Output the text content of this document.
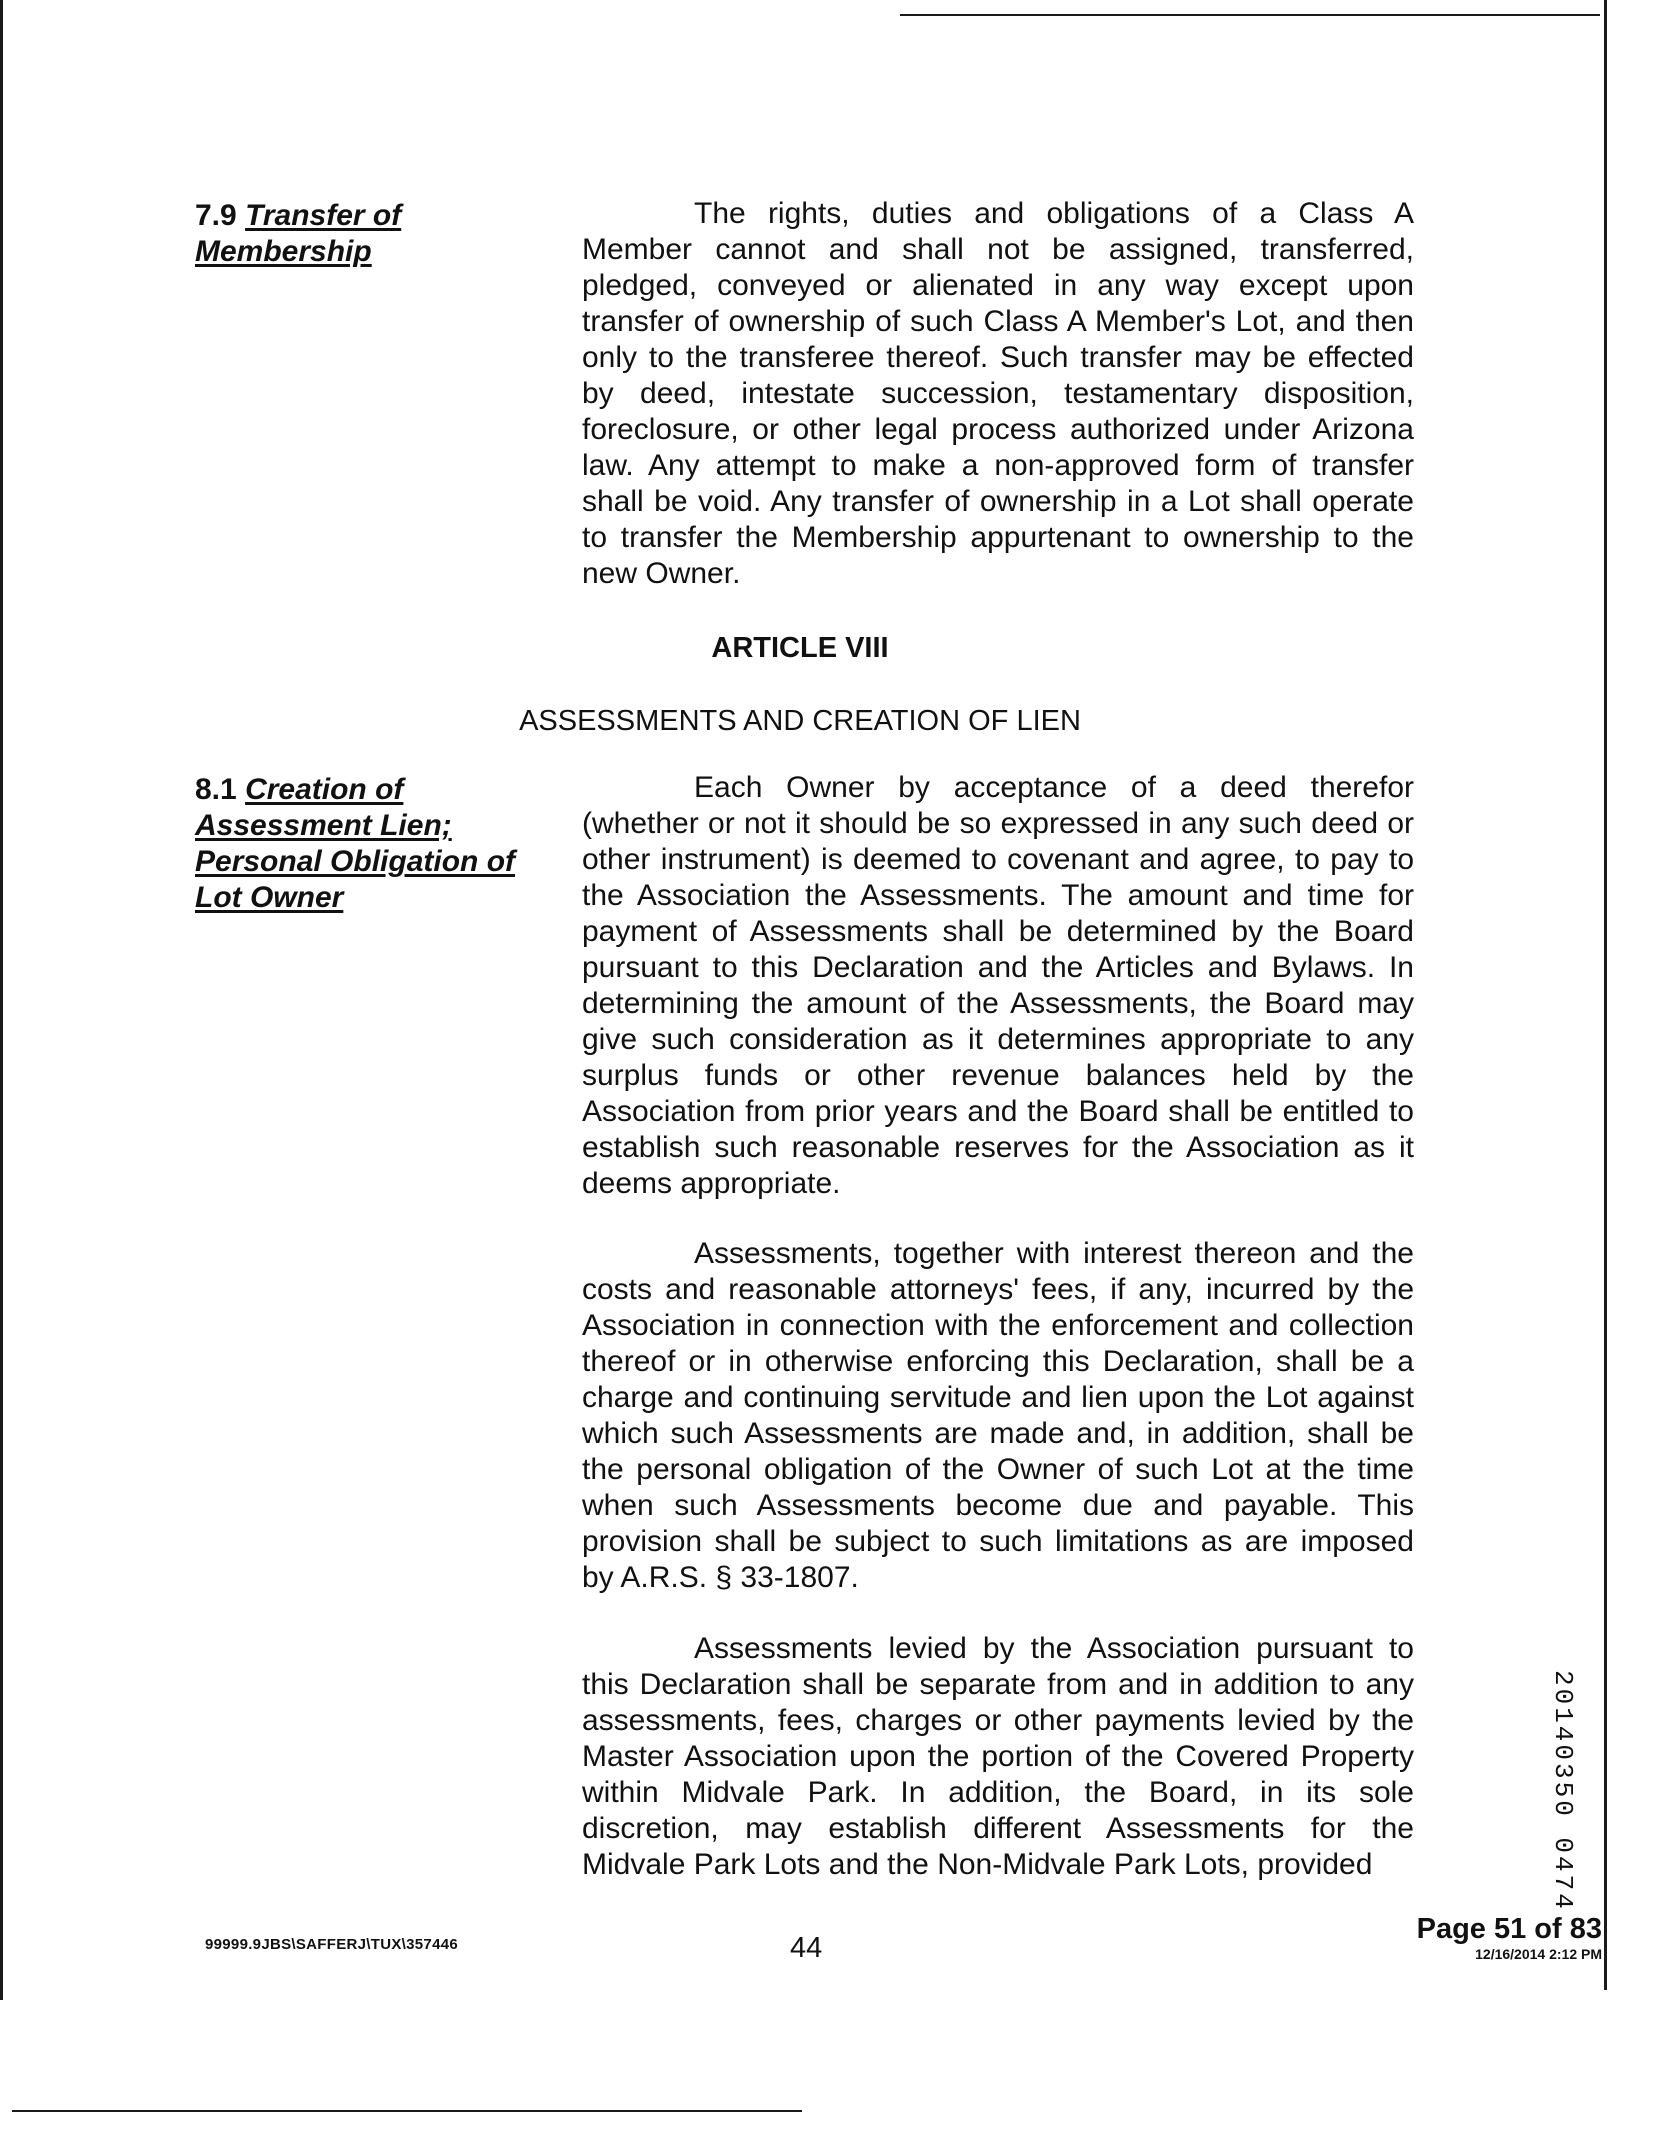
7.9 Transfer of
Membership

The rights, duties and obligations of a Class A Member cannot and shall not be assigned, transferred, pledged, conveyed or alienated in any way except upon transfer of ownership of such Class A Member's Lot, and then only to the transferee thereof. Such transfer may be effected by deed, intestate succession, testamentary disposition, foreclosure, or other legal process authorized under Arizona law. Any attempt to make a non-approved form of transfer shall be void. Any transfer of ownership in a Lot shall operate to transfer the Membership appurtenant to ownership to the new Owner.

ARTICLE VIII
ASSESSMENTS AND CREATION OF LIEN
8.1 Creation of
Assessment Lien;
Personal Obligation of
Lot Owner

Each Owner by acceptance of a deed therefor (whether or not it should be so expressed in any such deed or other instrument) is deemed to covenant and agree, to pay to the Association the Assessments. The amount and time for payment of Assessments shall be determined by the Board pursuant to this Declaration and the Articles and Bylaws. In determining the amount of the Assessments, the Board may give such consideration as it determines appropriate to any surplus funds or other revenue balances held by the Association from prior years and the Board shall be entitled to establish such reasonable reserves for the Association as it deems appropriate.

Assessments, together with interest thereon and the costs and reasonable attorneys' fees, if any, incurred by the Association in connection with the enforcement and collection thereof or in otherwise enforcing this Declaration, shall be a charge and continuing servitude and lien upon the Lot against which such Assessments are made and, in addition, shall be the personal obligation of the Owner of such Lot at the time when such Assessments become due and payable. This provision shall be subject to such limitations as are imposed by A.R.S. § 33-1807.

Assessments levied by the Association pursuant to this Declaration shall be separate from and in addition to any assessments, fees, charges or other payments levied by the Master Association upon the portion of the Covered Property within Midvale Park. In addition, the Board, in its sole discretion, may establish different Assessments for the Midvale Park Lots and the Non-Midvale Park Lots, provided	20140350 0474
99999.9JBS\SAFFERJ\TUX\357446	44
Page 51 of 83
12/16/2014 2:12 PM
